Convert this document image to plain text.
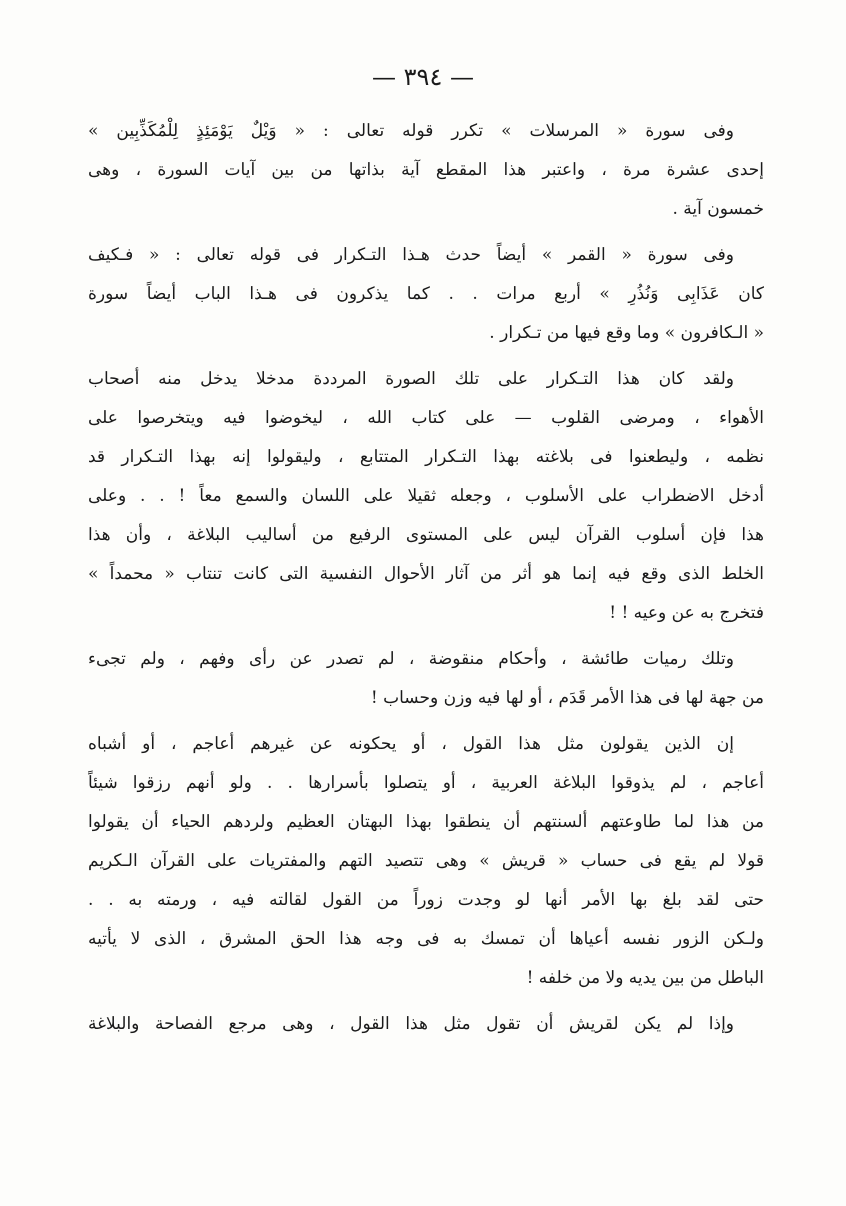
— ٣٩٤ —
وفى سورة « المرسلات » تكرر قوله تعالى : « وَيْلٌ يَوْمَئِذٍ لِلْمُكَذِّبِين »
إحدى عشرة مرة ، واعتبر هذا المقطع آية بذاتها من بين آيات السورة ، وهى
خمسون آية .
وفى سورة « القمر » أيضاً حدث هـذا التـكرار فى قوله تعالى : « فـكيف
كان عَذَابِى وَنُذُرِ » أربع مرات . . كما يذكرون فى هـذا الباب أيضاً سورة
« الـكافرون » وما وقع فيها من تـكرار .
ولقد كان هذا التـكرار على تلك الصورة المرددة مدخلا يدخل منه أصحاب
الأهواء ، ومرضى القلوب — على كتاب الله ، ليخوضوا فيه ويتخرصوا على
نظمه ، وليطعنوا فى بلاغته بهذا التـكرار المتتابع ، وليقولوا إنه بهذا التـكرار قد
أدخل الاضطراب على الأسلوب ، وجعله ثقيلا على اللسان والسمع معاً ! . . وعلى
هذا فإن أسلوب القرآن ليس على المستوى الرفيع من أساليب البلاغة ، وأن هذا
الخلط الذى وقع فيه إنما هو أثر من آثار الأحوال النفسية التى كانت تنتاب « محمداً »
فتخرج به عن وعيه ! !
وتلك رميات طائشة ، وأحكام منقوضة ، لم تصدر عن رأى وفهم ، ولم تجىء
من جهة لها فى هذا الأمر قَدَم ، أو لها فيه وزن وحساب !
إن الذين يقولون مثل هذا القول ، أو يحكونه عن غيرهم أعاجم ، أو أشباه
أعاجم ، لم يذوقوا البلاغة العربية ، أو يتصلوا بأسرارها . . ولو أنهم رزقوا شيئاً
من هذا لما طاوعتهم ألسنتهم أن ينطقوا بهذا البهتان العظيم ولردهم الحياء أن يقولوا
قولا لم يقع فى حساب « قريش » وهى تتصيد التهم والمفتريات على القرآن الـكريم
حتى لقد بلغ بها الأمر أنها لو وجدت زوراً من القول لقالته فيه ، ورمته به . .
ولـكن الزور نفسه أعياها أن تمسك به فى وجه هذا الحق المشرق ، الذى لا يأتيه
الباطل من بين يديه ولا من خلفه !
وإذا لم يكن لقريش أن تقول مثل هذا القول ، وهى مرجع الفصاحة والبلاغة
